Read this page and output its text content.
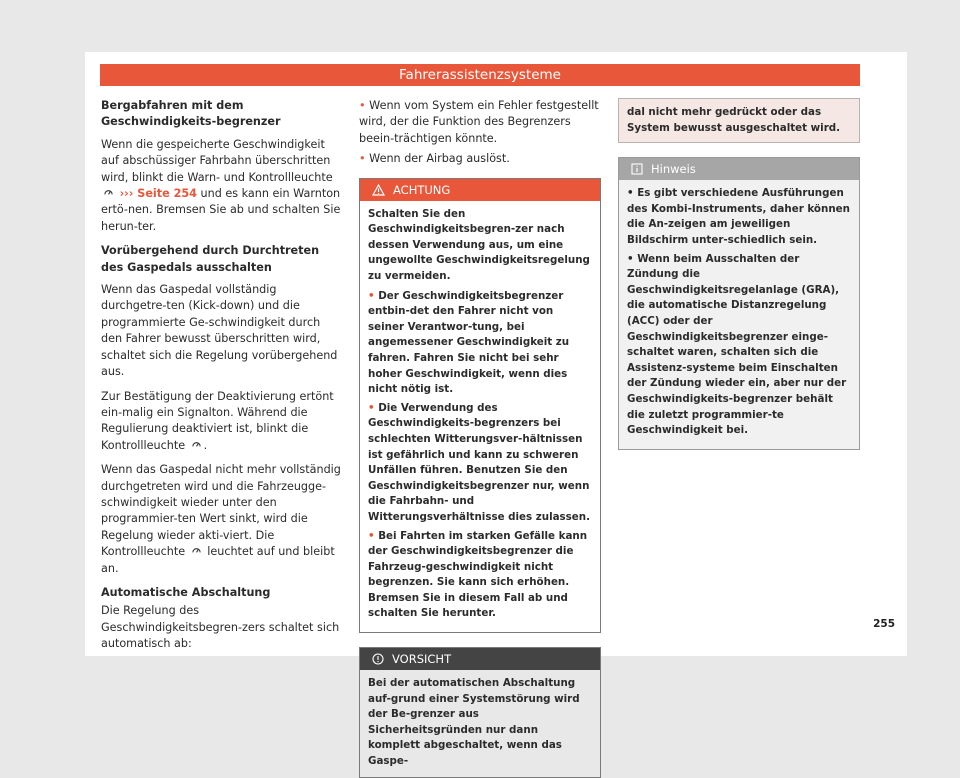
Fahrerassistenzsysteme
Bergabfahren mit dem Geschwindigkeits-begrenzer

Wenn die gespeicherte Geschwindigkeit auf abschüssiger Fahrbahn überschritten wird, blinkt die Warn- und Kontrollleuchte  ››› Seite 254 und es kann ein Warnton ertö-nen. Bremsen Sie ab und schalten Sie herun-ter.

Vorübergehend durch Durchtreten des Gaspedals ausschalten

Wenn das Gaspedal vollständig durchgetre-ten (Kick-down) und die programmierte Ge-schwindigkeit durch den Fahrer bewusst überschritten wird, schaltet sich die Regelung vorübergehend aus.

Zur Bestätigung der Deaktivierung ertönt ein-malig ein Signalton. Während die Regulierung deaktiviert ist, blinkt die Kontrollleuchte .

Wenn das Gaspedal nicht mehr vollständig durchgetreten wird und die Fahrzeugge-schwindigkeit wieder unter den programmier-ten Wert sinkt, wird die Regelung wieder akti-viert. Die Kontrollleuchte leuchtet auf und bleibt an.

Automatische Abschaltung

Die Regelung des Geschwindigkeitsbegren-zers schaltet sich automatisch ab:

• Wenn vom System ein Fehler festgestellt wird, der die Funktion des Begrenzers beein-trächtigen könnte.
• Wenn der Airbag auslöst.
ACHTUNG

Schalten Sie den Geschwindigkeitsbegren-zer nach dessen Verwendung aus, um eine ungewollte Geschwindigkeitsregelung zu vermeiden.

• Der Geschwindigkeitsbegrenzer entbin-det den Fahrer nicht von seiner Verantwor-tung, bei angemessener Geschwindigkeit zu fahren. Fahren Sie nicht bei sehr hoher Geschwindigkeit, wenn dies nicht nötig ist.
• Die Verwendung des Geschwindigkeits-begrenzers bei schlechten Witterungsver-hältnissen ist gefährlich und kann zu schweren Unfällen führen. Benutzen Sie den Geschwindigkeitsbegrenzer nur, wenn die Fahrbahn- und Witterungsverhältnisse dies zulassen.
• Bei Fahrten im starken Gefälle kann der Geschwindigkeitsbegrenzer die Fahrzeug-geschwindigkeit nicht begrenzen. Sie kann sich erhöhen. Bremsen Sie in diesem Fall ab und schalten Sie herunter.
VORSICHT
Bei der automatischen Abschaltung auf-grund einer Systemstörung wird der Be-grenzer aus Sicherheitsgründen nur dann komplett abgeschaltet, wenn das Gaspe-
dal nicht mehr gedrückt oder das System bewusst ausgeschaltet wird.
Hinweis
• Es gibt verschiedene Ausführungen des Kombi-Instruments, daher können die An-zeigen am jeweiligen Bildschirm unter-schiedlich sein.
• Wenn beim Ausschalten der Zündung die Geschwindigkeitsregelanlage (GRA), die automatische Distanzregelung (ACC) oder der Geschwindigkeitsbegrenzer einge-schaltet waren, schalten sich die Assistenz-systeme beim Einschalten der Zündung wieder ein, aber nur der Geschwindigkeits-begrenzer behält die zuletzt programmier-te Geschwindigkeit bei.
255
